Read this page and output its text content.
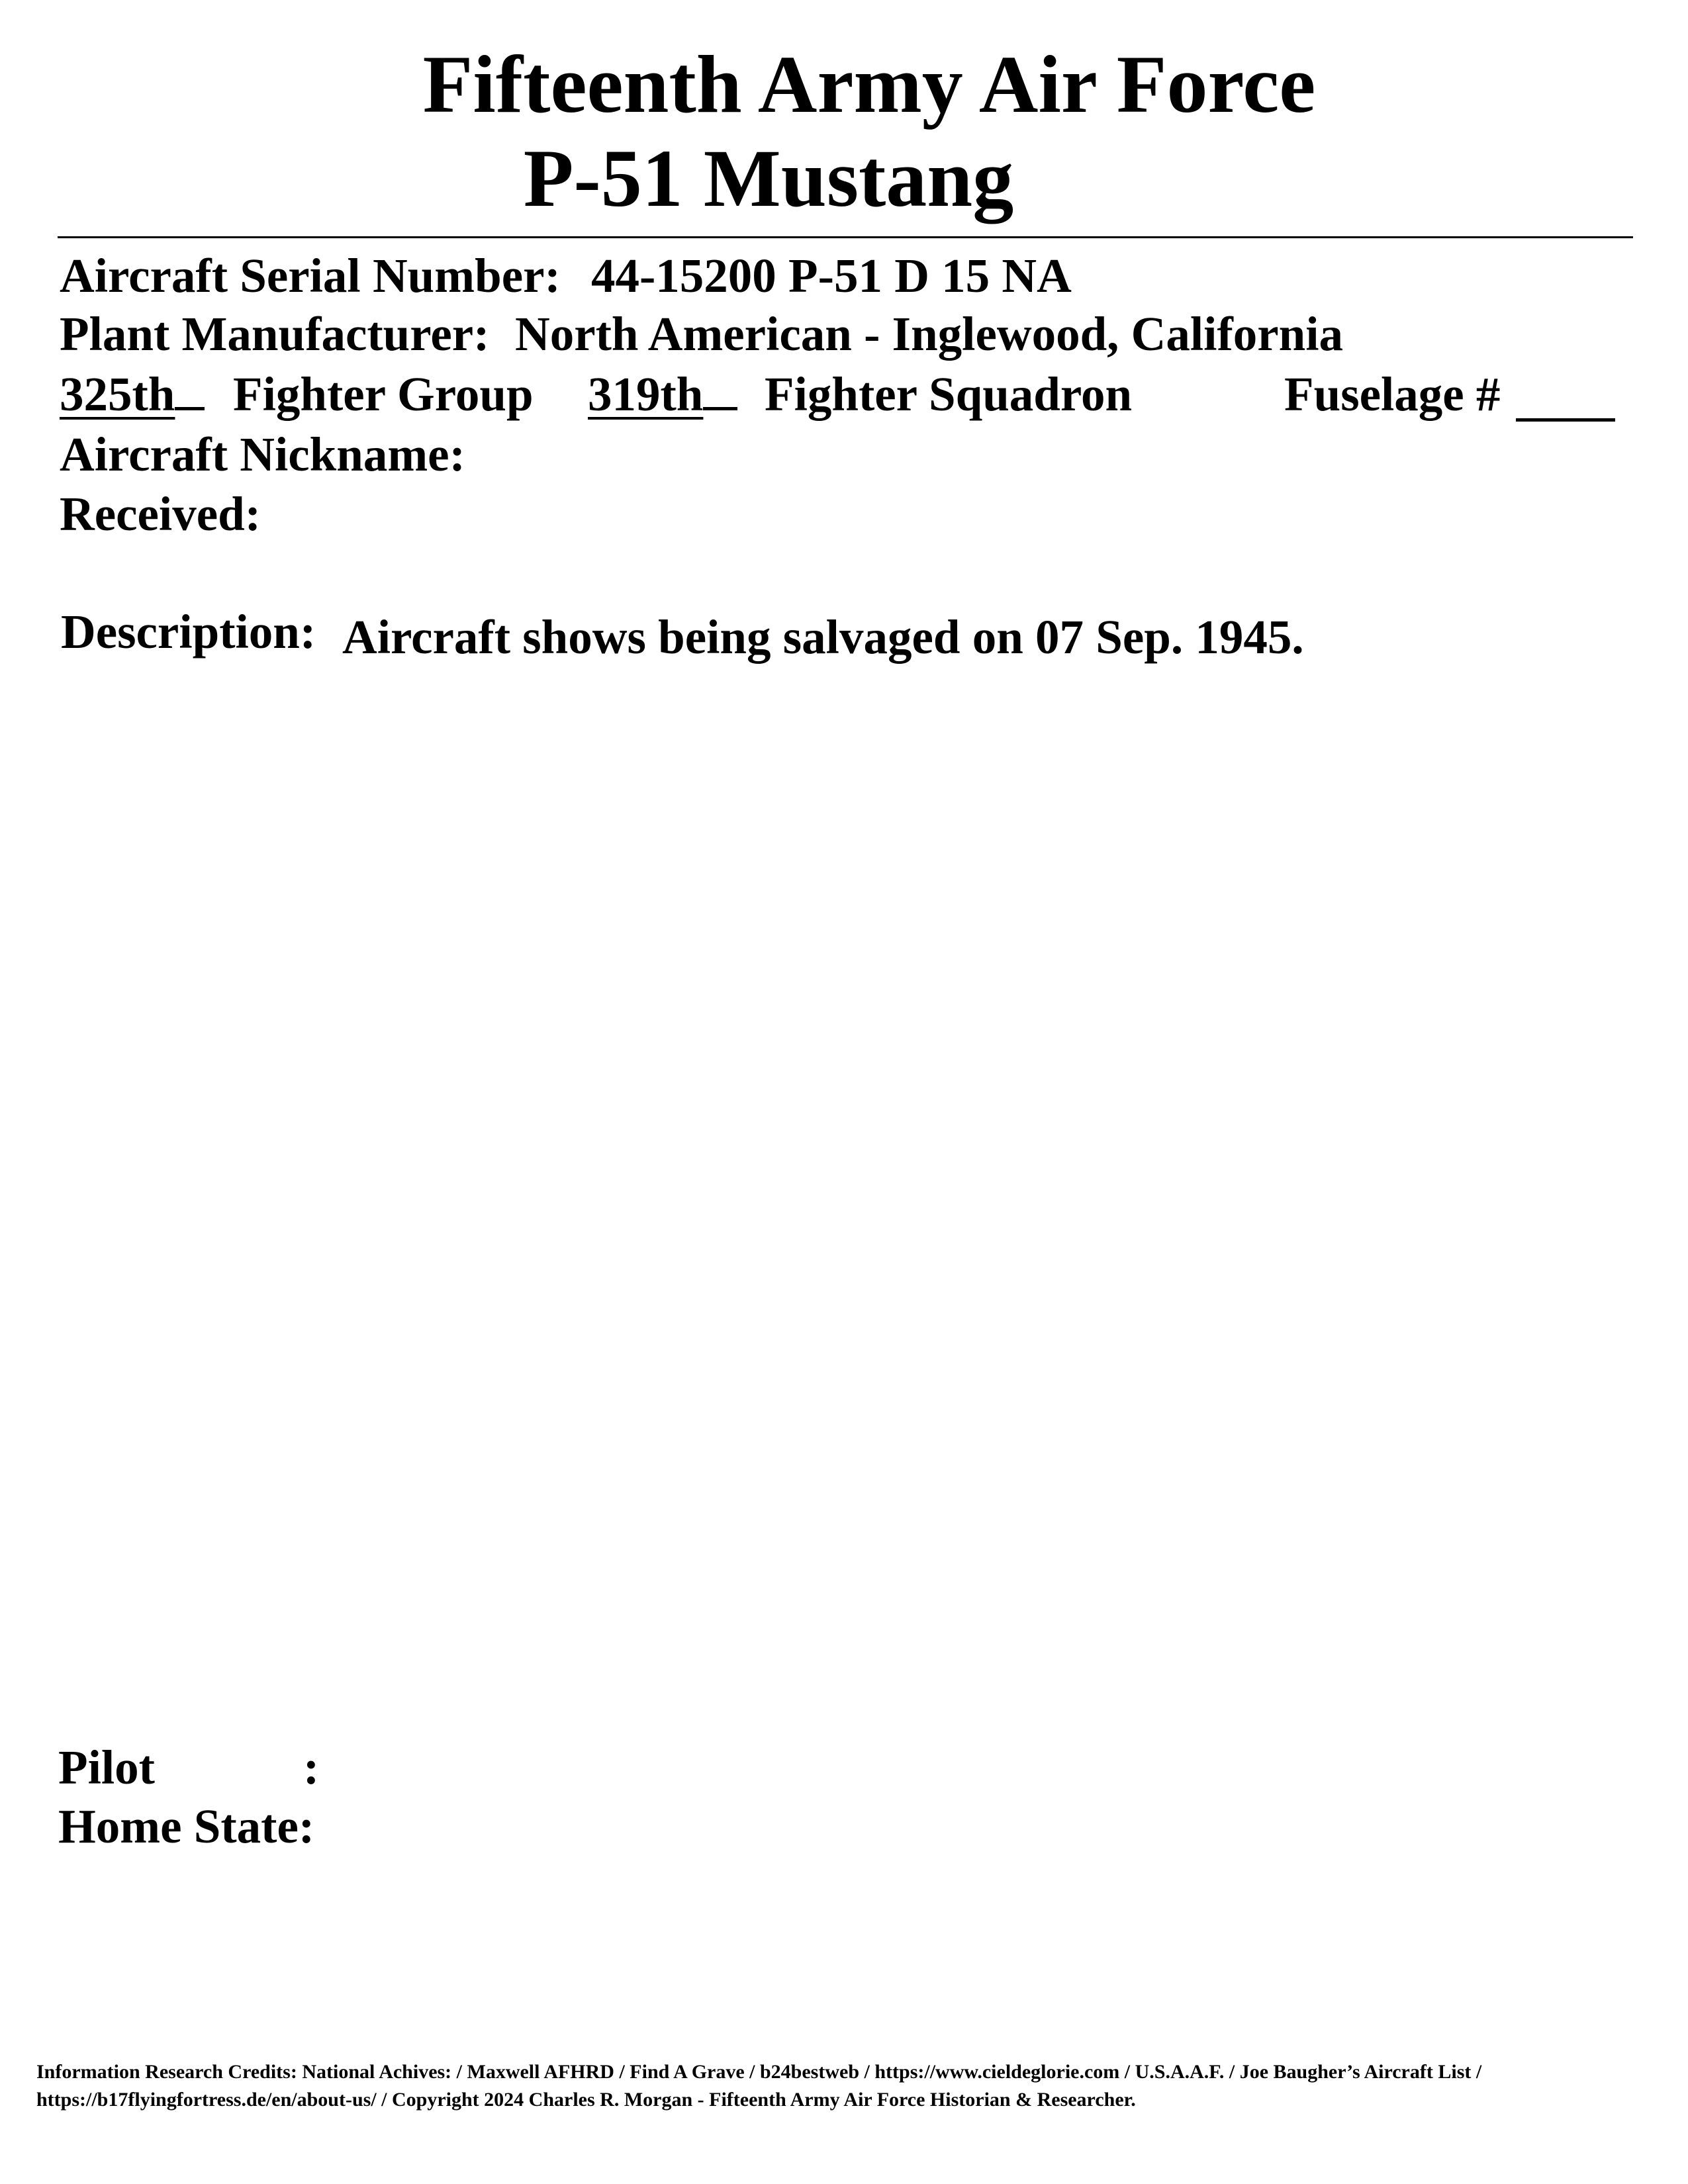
Fifteenth Army Air Force
P-51 Mustang
Aircraft Serial Number: 44-15200 P-51 D 15 NA
Plant Manufacturer: North American - Inglewood, California
325th	Fighter Group 319th	Fighter Squadron	Fuselage #
Aircraft Nickname:
Received:
Description: Aircraft shows being salvaged on 07 Sep. 1945.
Pilot	:
Home State:
Information Research Credits: National Achives: / Maxwell AFHRD / Find A Grave / b24bestweb / https://www.cieldeglorie.com / U.S.A.A.F. / Joe Baugher’s Aircraft List /
https://b17flyingfortress.de/en/about-us/ / Copyright 2024 Charles R. Morgan - Fifteenth Army Air Force Historian & Researcher.
